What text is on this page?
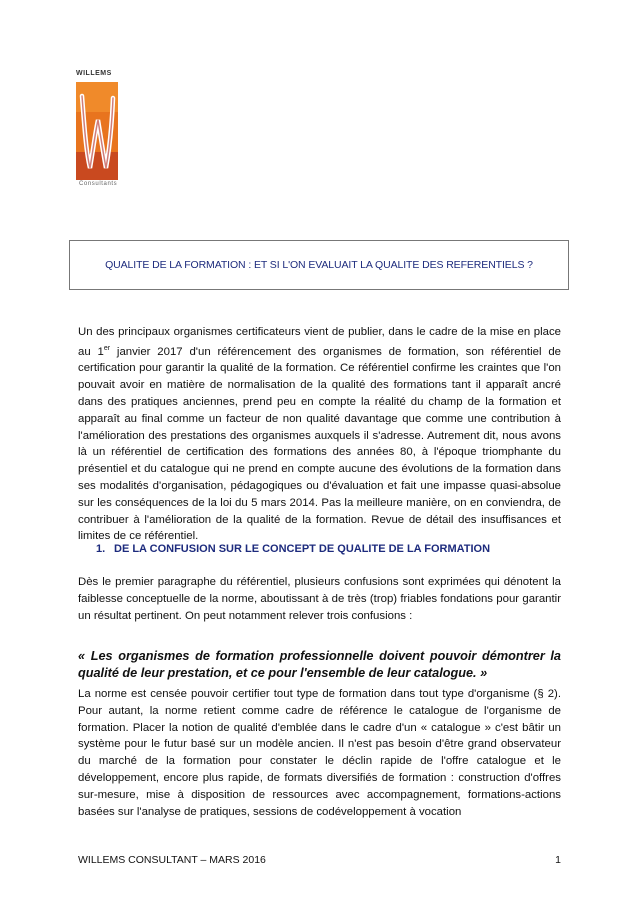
WILLEMS
Consultants
QUALITE DE LA FORMATION : ET SI L'ON EVALUAIT LA QUALITE DES REFERENTIELS ?

Un des principaux organismes certificateurs vient de publier, dans le cadre de la mise en place au 1er janvier 2017 d'un référencement des organismes de formation, son référentiel de certification pour garantir la qualité de la formation. Ce référentiel confirme les craintes que l'on pouvait avoir en matière de normalisation de la qualité des formations tant il apparaît ancré dans des pratiques anciennes, prend peu en compte la réalité du champ de la formation et apparaît au final comme un facteur de non qualité davantage que comme une contribution à l'amélioration des prestations des organismes auxquels il s'adresse. Autrement dit, nous avons là un référentiel de certification des formations des années 80, à l'époque triomphante du présentiel et du catalogue qui ne prend en compte aucune des évolutions de la formation dans ses modalités d'organisation, pédagogiques ou d'évaluation et fait une impasse quasi-absolue sur les conséquences de la loi du 5 mars 2014. Pas la meilleure manière, on en conviendra, de contribuer à l'amélioration de la qualité de la formation. Revue de détail des insuffisances et limites de ce référentiel.

1. DE LA CONFUSION SUR LE CONCEPT DE QUALITE DE LA FORMATION

Dès le premier paragraphe du référentiel, plusieurs confusions sont exprimées qui dénotent la faiblesse conceptuelle de la norme, aboutissant à de très (trop) friables fondations pour garantir un résultat pertinent. On peut notamment relever trois confusions :

« Les organismes de formation professionnelle doivent pouvoir démontrer la qualité de leur prestation, et ce pour l'ensemble de leur catalogue. »

La norme est censée pouvoir certifier tout type de formation dans tout type d'organisme (§ 2). Pour autant, la norme retient comme cadre de référence le catalogue de l'organisme de formation. Placer la notion de qualité d'emblée dans le cadre d'un « catalogue » c'est bâtir un système pour le futur basé sur un modèle ancien. Il n'est pas besoin d'être grand observateur du marché de la formation pour constater le déclin rapide de l'offre catalogue et le développement, encore plus rapide, de formats diversifiés de formation : construction d'offres sur-mesure, mise à disposition de ressources avec accompagnement, formations-actions basées sur l'analyse de pratiques, sessions de codéveloppement à vocation

WILLEMS CONSULTANT – MARS 2016	1
